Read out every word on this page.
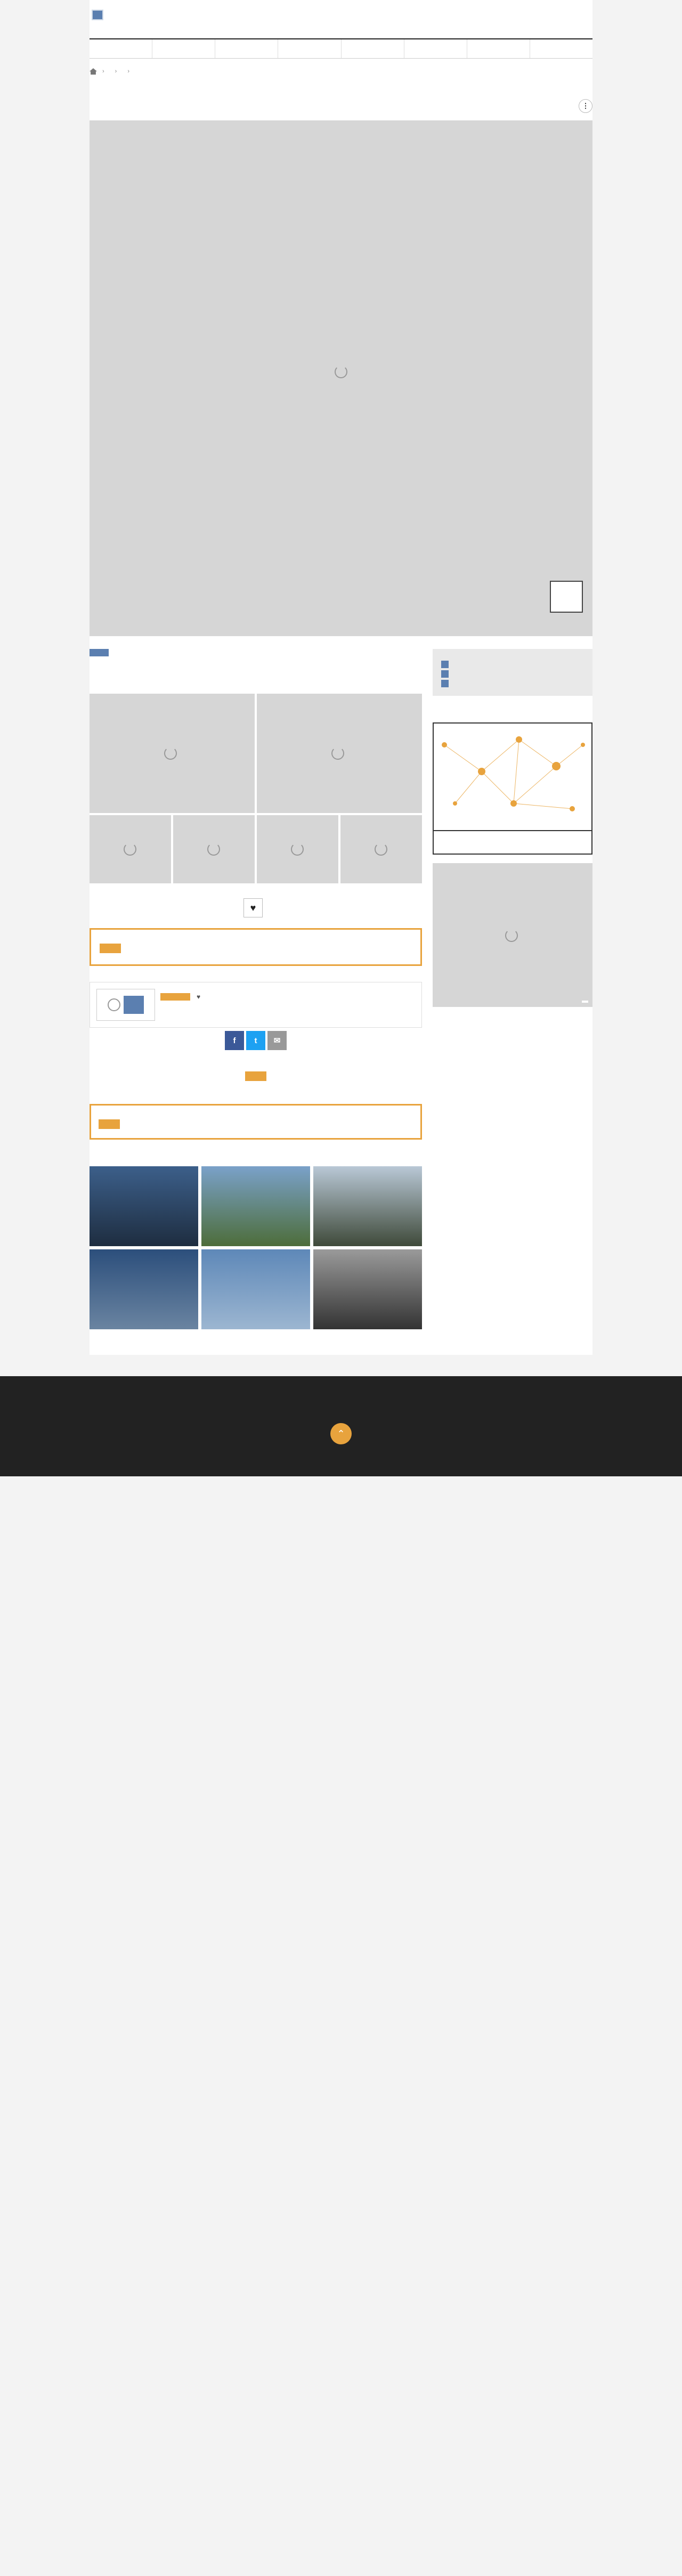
› › ›
⋮

♥
♥
f	t	✉
⌃
